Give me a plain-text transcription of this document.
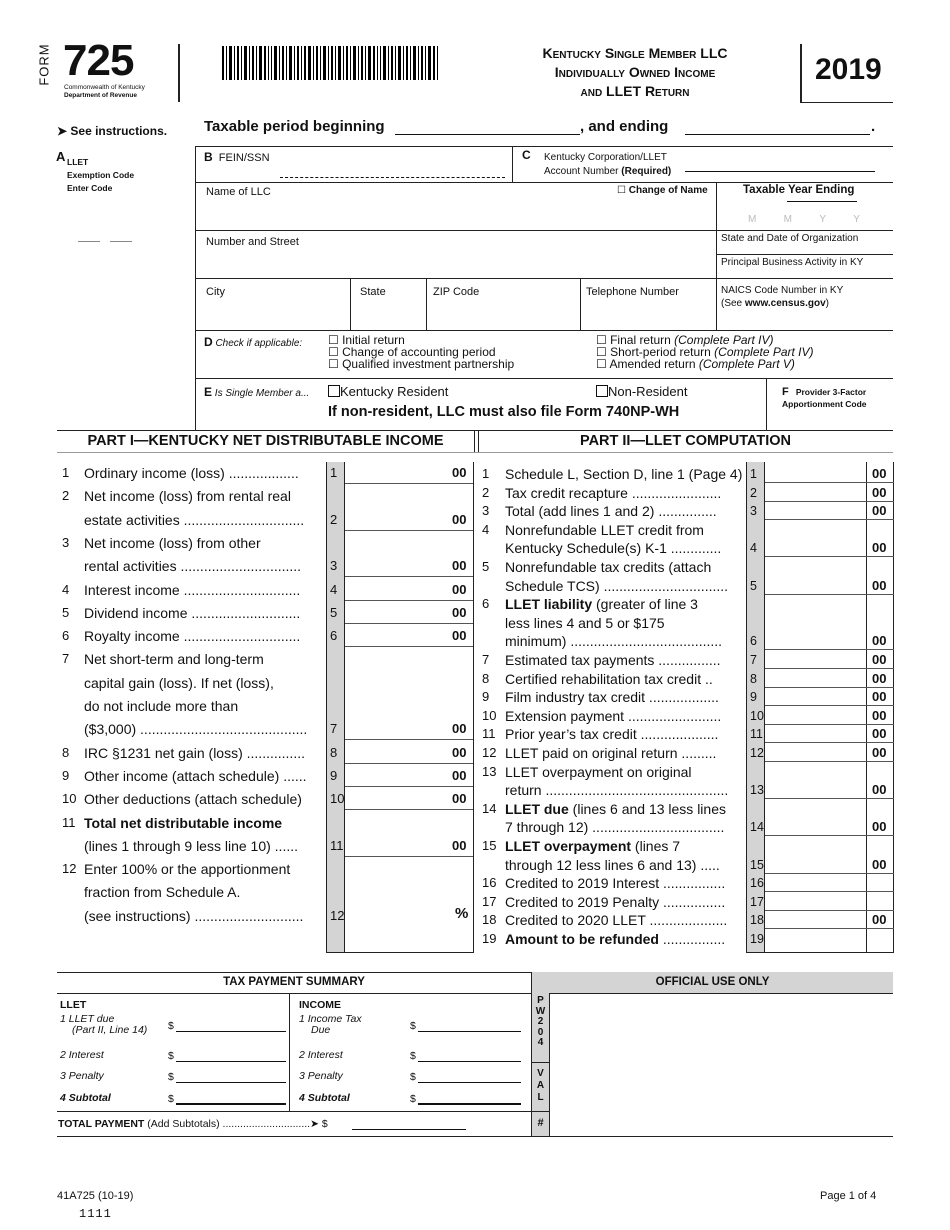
FORM 725
Commonwealth of Kentucky
Department of Revenue
Kentucky Single Member LLC
Individually Owned Income
and LLET Return
2019
➤ See instructions. Taxable period beginning	, and ending	.
A LLET
Exemption Code
Enter Code
B FEIN/SSN	C Kentucky Corporation/LLET
Account Number (Required)
Name of LLC	☐ Change of Name	Taxable Year Ending
M	M	Y	Y
Number and Street	State and Date of Organization
Principal Business Activity in KY
City	State	ZIP Code	Telephone Number	NAICS Code Number in KY
(See www.census.gov)
D Check if applicable: ☐ Initial return
☐ Change of accounting period
☐ Qualified investment partnership
☐ Final return (Complete Part IV)
☐ Short-period return (Complete Part IV)
☐ Amended return (Complete Part V)
E Is Single Member a...	Kentucky Resident	Non-Resident
If non-resident, LLC must also file Form 740NP-WH
F Provider 3-Factor
Apportionment Code
PART I—KENTUCKY NET DISTRIBUTABLE INCOME	PART II—LLET COMPUTATION
1 Ordinary income (loss) .................. 1	00
2 Net income (loss) from rental real
estate activities ............................... 2	00
3 Net income (loss) from other
rental activities ............................... 3	00
4 Interest income .............................. 4	00
5 Dividend income ............................ 5	00
6 Royalty income .............................. 6	00
7 Net short-term and long-term
capital gain (loss). If net (loss),
do not include more than
($3,000) ........................................... 7	00
8 IRC §1231 net gain (loss) ............... 8	00
9 Other income (attach schedule) ...... 9	00
10 Other deductions (attach schedule) 10	00
11 Total net distributable income
(lines 1 through 9 less line 10) ...... 11	00
12 Enter 100% or the apportionment
fraction from Schedule A.
(see instructions) ............................ 12	%
1 Schedule L, Section D, line 1 (Page 4) 1	00
2 Tax credit recapture ....................... 2	00
3 Total (add lines 1 and 2) ...............	3	00
4 Nonrefundable LLET credit from
Kentucky Schedule(s) K-1 ............. 4	00
5 Nonrefundable tax credits (attach
Schedule TCS) ................................ 5	00
6 LLET liability (greater of line 3
less lines 4 and 5 or $175
minimum) ....................................... 6	00
7 Estimated tax payments ................ 7	00
8 Certified rehabilitation tax credit ..	8	00
9 Film industry tax credit .................. 9	00
10 Extension payment ........................ 10	00
11 Prior year’s tax credit ....................	11	00
12 LLET paid on original return .........	12	00
13 LLET overpayment on original
return ............................................... 13	00
14 LLET due (lines 6 and 13 less lines
7 through 12) .................................. 14	00
15 LLET overpayment (lines 7
through 12 less lines 6 and 13) ..... 15	00
16 Credited to 2019 Interest ................ 16
17 Credited to 2019 Penalty ................ 17
18 Credited to 2020 LLET .................... 18	00
19 Amount to be refunded ................ 19
TAX PAYMENT SUMMARY
LLET	INCOME
1 LLET due
(Part II, Line 14) $
2 Interest	$
3 Penalty	$
4 Subtotal	$
1 Income Tax
Due	$
2 Interest	$
3 Penalty	$
4 Subtotal	$
TOTAL PAYMENT (Add Subtotals) ..............................➤ $
OFFICIAL USE ONLY
P
W
2
0
4
V
A
L
#
41A725 (10-19)
1111
Page 1 of 4
